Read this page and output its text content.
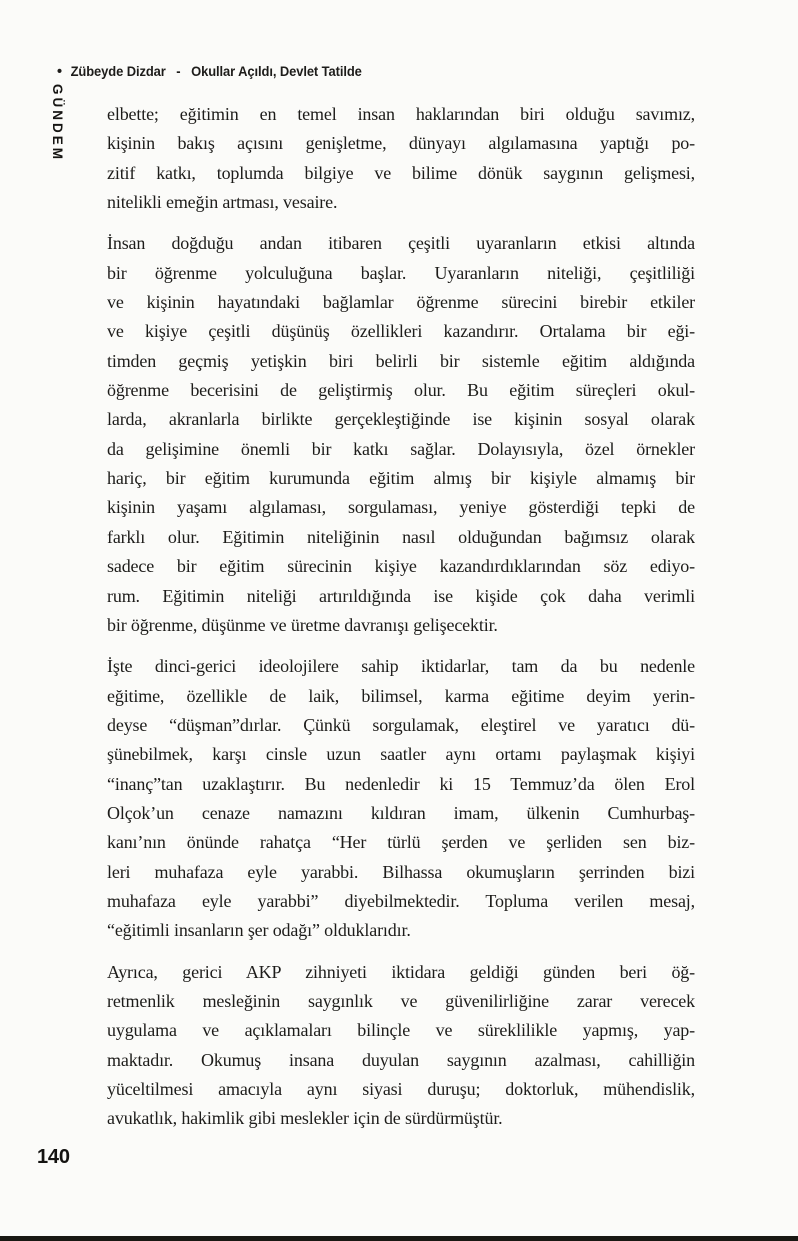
• Zübeyde Dizdar - Okullar Açıldı, Devlet Tatilde
GÜNDEM elbette; eğitimin en temel insan haklarından biri olduğu savımız,
kişinin bakış açısını genişletme, dünyayı algılamasına yaptığı po-
zitif katkı, toplumda bilgiye ve bilime dönük saygının gelişmesi,
nitelikli emeğin artması, vesaire.
İnsan doğduğu andan itibaren çeşitli uyaranların etkisi altında
bir öğrenme yolculuğuna başlar. Uyaranların niteliği, çeşitliliği
ve kişinin hayatındaki bağlamlar öğrenme sürecini birebir etkiler
ve kişiye çeşitli düşünüş özellikleri kazandırır. Ortalama bir eği-
timden geçmiş yetişkin biri belirli bir sistemle eğitim aldığında
öğrenme becerisini de geliştirmiş olur. Bu eğitim süreçleri okul-
larda, akranlarla birlikte gerçekleştiğinde ise kişinin sosyal olarak
da gelişimine önemli bir katkı sağlar. Dolayısıyla, özel örnekler
hariç, bir eğitim kurumunda eğitim almış bir kişiyle almamış bir
kişinin yaşamı algılaması, sorgulaması, yeniye gösterdiği tepki de
farklı olur. Eğitimin niteliğinin nasıl olduğundan bağımsız olarak
sadece bir eğitim sürecinin kişiye kazandırdıklarından söz ediyo-
rum. Eğitimin niteliği artırıldığında ise kişide çok daha verimli
bir öğrenme, düşünme ve üretme davranışı gelişecektir.
İşte dinci-gerici ideolojilere sahip iktidarlar, tam da bu nedenle
eğitime, özellikle de laik, bilimsel, karma eğitime deyim yerin-
deyse “düşman”dırlar. Çünkü sorgulamak, eleştirel ve yaratıcı dü-
şünebilmek, karşı cinsle uzun saatler aynı ortamı paylaşmak kişiyi
“inanç”tan uzaklaştırır. Bu nedenledir ki 15 Temmuz’da ölen Erol
Olçok’un cenaze namazını kıldıran imam, ülkenin Cumhurbaş-
kanı’nın önünde rahatça “Her türlü şerden ve şerliden sen biz-
leri muhafaza eyle yarabbi. Bilhassa okumuşların şerrinden bizi
muhafaza eyle yarabbi” diyebilmektedir. Topluma verilen mesaj,
“eğitimli insanların şer odağı” olduklarıdır.
Ayrıca, gerici AKP zihniyeti iktidara geldiği günden beri öğ-
retmenlik mesleğinin saygınlık ve güvenilirliğine zarar verecek
uygulama ve açıklamaları bilinçle ve süreklilikle yapmış, yap-
maktadır. Okumuş insana duyulan saygının azalması, cahilliğin
yüceltilmesi amacıyla aynı siyasi duruşu; doktorluk, mühendislik,
avukatlık, hakimlik gibi meslekler için de sürdürmüştür.
140
